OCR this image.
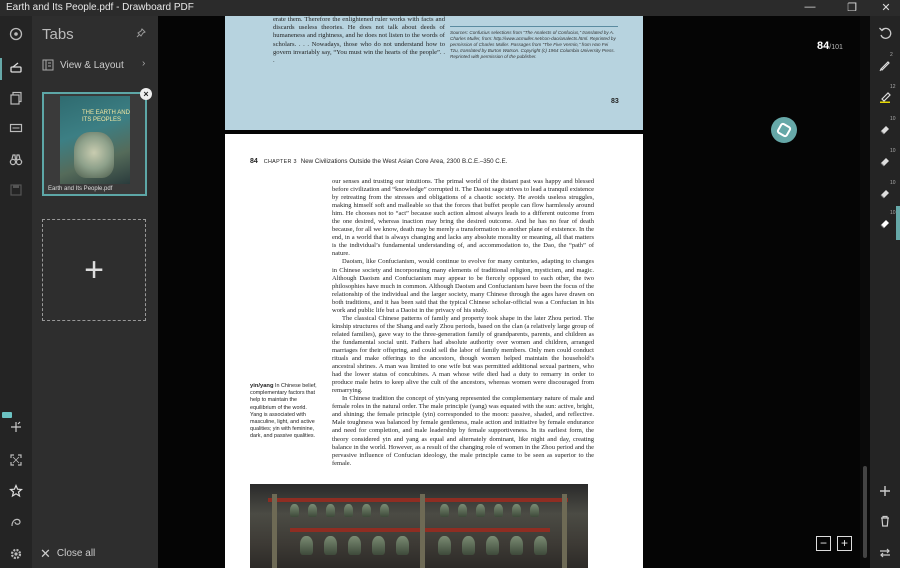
Earth and Its People.pdf - Drawboard PDF	—	❐	✕
Tabs
View & Layout ›
THE EARTH AND ITS PEOPLES
Earth and Its People.pdf
×
+
✕ Close all
erate them. Therefore the enlightened ruler works with facts and discards useless theories. He does not talk about deeds of humaneness and rightness, and he does not listen to the words of scholars. . . . Nowadays, those who do not understand how to govern invariably say, “You must win the hearts of the people”. . .
Sources: Confucius selections from “The Analects of Confucius,” translated by A. Charles Muller, from: http://www.acmuller.net/con-dao/analects.html. Reprinted by permission of Charles Muller. Passages from “The Five Vermin,” from Han Fei Tzu, translated by Burton Watson. Copyright (c) 1964 Columbia University Press. Reprinted with permission of the publisher.
83
84 CHAPTER 3 New Civilizations Outside the West Asian Core Area, 2300 B.C.E.–350 C.E.

our senses and trusting our intuitions. The primal world of the distant past was happy and blessed before civilization and “knowledge” corrupted it. The Daoist sage strives to lead a tranquil existence by retreating from the stresses and obligations of a chaotic society. He avoids useless struggles, making himself soft and malleable so that the forces that buffet people can flow harmlessly around him. He chooses not to “act” because such action almost always leads to a different outcome from the one desired, whereas inaction may bring the desired outcome. And he has no fear of death because, for all we know, death may be merely a transformation to another plane of existence. In the end, in a world that is always changing and lacks any absolute morality or meaning, all that matters is the individual’s fundamental understanding of, and accommodation to, the Dao, the “path” of nature.

Daoism, like Confucianism, would continue to evolve for many centuries, adapting to changes in Chinese society and incorporating many elements of traditional religion, mysticism, and magic. Although Daoism and Confucianism may appear to be fiercely opposed to each other, the two philosophies have much in common. Although Daoism and Confucianism have been the focus of the relationship of the individual and the larger society, many Chinese through the ages have drawn on both traditions, and it has been said that the typical Chinese scholar-official was a Confucian in his work and public life but a Daoist in the privacy of his study.

The classical Chinese patterns of family and property took shape in the later Zhou period. The kinship structures of the Shang and early Zhou periods, based on the clan (a relatively large group of related families), gave way to the three-generation family of grandparents, parents, and children as the fundamental social unit. Fathers had absolute authority over women and children, arranged marriages for their offspring, and could sell the labor of family members. Only men could conduct rituals and make offerings to the ancestors, though women helped maintain the household’s ancestral shrines. A man was limited to one wife but was permitted additional sexual partners, who had the lower status of concubines. A man whose wife died had a duty to remarry in order to produce male heirs to keep alive the cult of the ancestors, whereas women were discouraged from remarrying.

In Chinese tradition the concept of yin/yang represented the complementary nature of male and female roles in the natural order. The male principle (yang) was equated with the sun: active, bright, and shining; the female principle (yin) corresponded to the moon: passive, shaded, and reflective. Male toughness was balanced by female gentleness, male action and initiative by female endurance and need for completion, and male leadership by female supportiveness. In its earliest form, the theory considered yin and yang as equal and alternately dominant, like night and day, creating balance in the world. However, as a result of the changing role of women in the Zhou period and the pervasive influence of Confucian ideology, the male principle came to be seen as superior to the female.

yin/yang In Chinese belief, complementary factors that help to maintain the equilibrium of the world. Yang is associated with masculine, light, and active qualities; yin with feminine, dark, and passive qualities.
84/101
−	+
2
12
10
10
10
10
